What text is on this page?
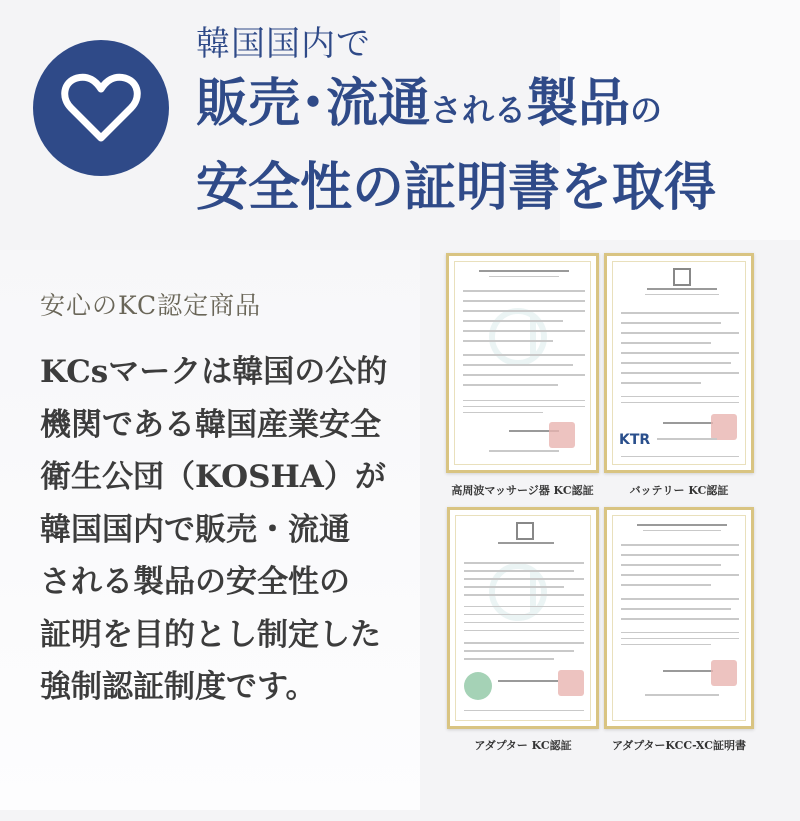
韓国国内で
販売･流通される製品の
安全性の証明書を取得
安心のKC認定商品
KCsマークは韓国の公的
機関である韓国産業安全
衛生公団（KOSHA）が
韓国国内で販売・流通
される製品の安全性の
証明を目的とし制定した
強制認証制度です。
KTR
高周波マッサージ器 KC認証	バッテリー KC認証
アダプター KC認証	アダプターKCC-XC証明書
